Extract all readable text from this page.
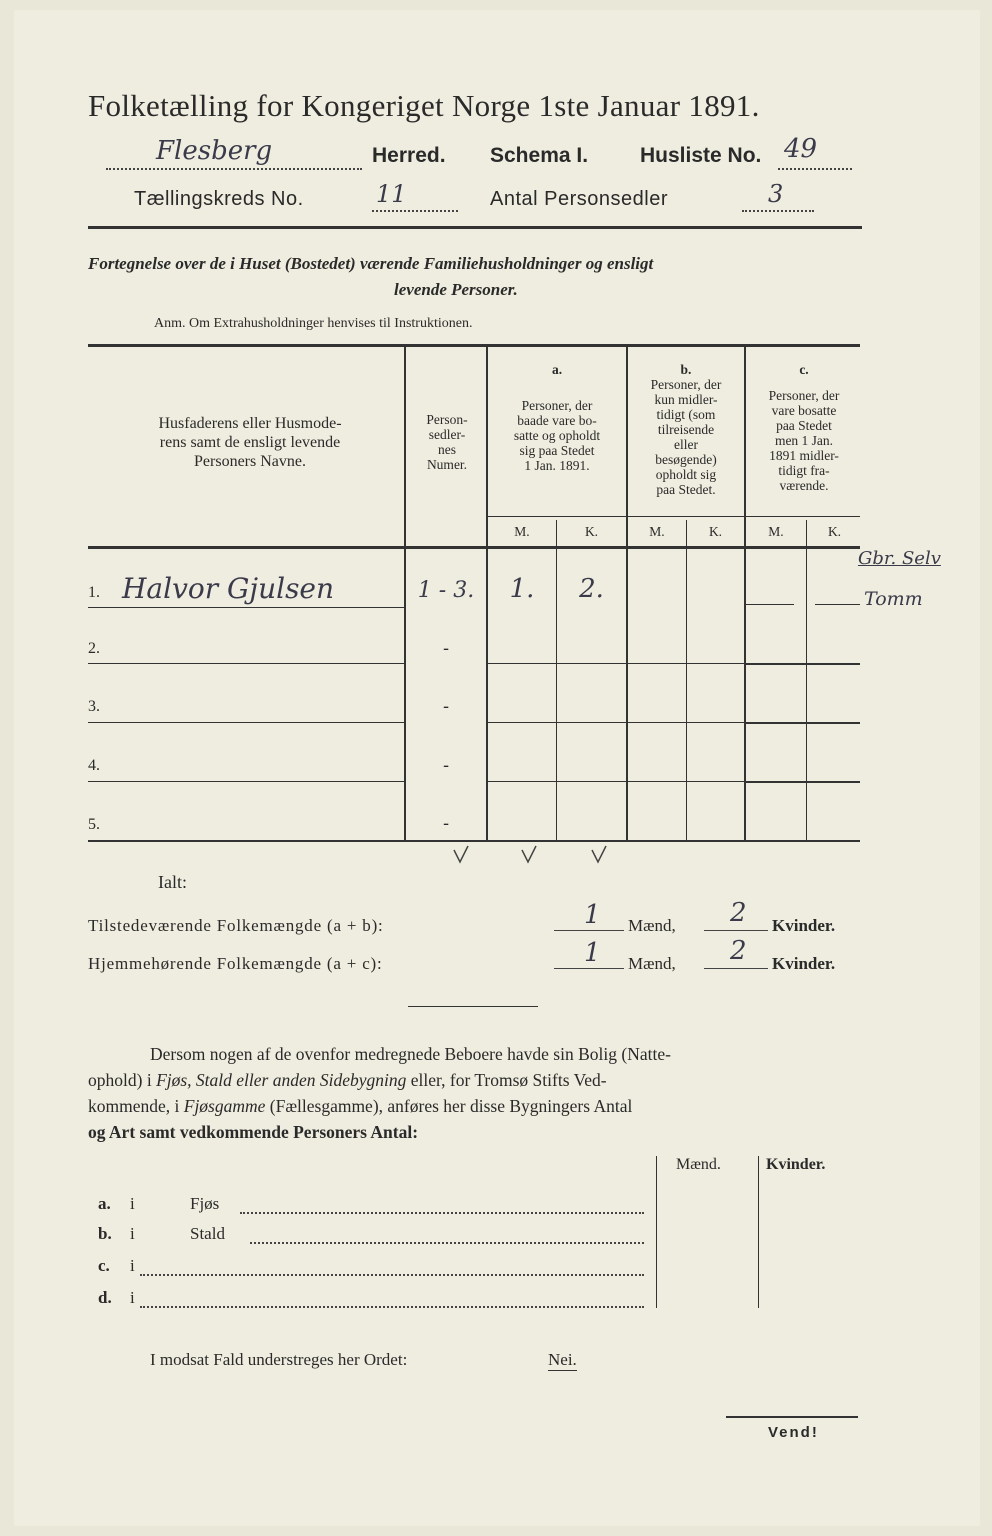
Folketælling for Kongeriget Norge 1ste Januar 1891.
Flesberg	Herred. Schema I. Husliste No. 49
Tællingskreds No.	11	Antal Personsedler	3
Fortegnelse over de i Huset (Bostedet) værende Familiehusholdninger og ensligt
levende Personer.
Anm. Om Extrahusholdninger henvises til Instruktionen.
Husfaderens eller Husmode-
rens samt de ensligt levende
Personers Navne.
Person-
sedler-
nes
Numer.
a.
Personer, der
baade vare bo-
satte og opholdt
sig paa Stedet
1 Jan. 1891.
b.
Personer, der
kun midler-
tidigt (som
tilreisende
eller
besøgende)
opholdt sig
paa Stedet.
c.
Personer, der
vare bosatte
paa Stedet
men 1 Jan.
1891 midler-
tidigt fra-
værende.
M.	K.	M.	K.	M.	K.
1. Halvor Gjulsen	1 - 3.	1.	2.
2.	-
3.	-
4.	-
5.	-
Gbr. Selv
Tomm
Ialt:
Tilstedeværende Folkemængde (a + b):	1 Mænd, 2 Kvinder.
Hjemmehørende Folkemængde (a + c):	1 Mænd, 2 Kvinder.
Dersom nogen af de ovenfor medregnede Beboere havde sin Bolig (Natte-
ophold) i Fjøs, Stald eller anden Sidebygning eller, for Tromsø Stifts Ved-
kommende, i Fjøsgamme (Fællesgamme), anføres her disse Bygningers Antal
og Art samt vedkommende Personers Antal:
Mænd.	Kvinder.
a. i	Fjøs
b. i	Stald
c. i
d. i
I modsat Fald understreges her Ordet:	Nei.
Vend!
